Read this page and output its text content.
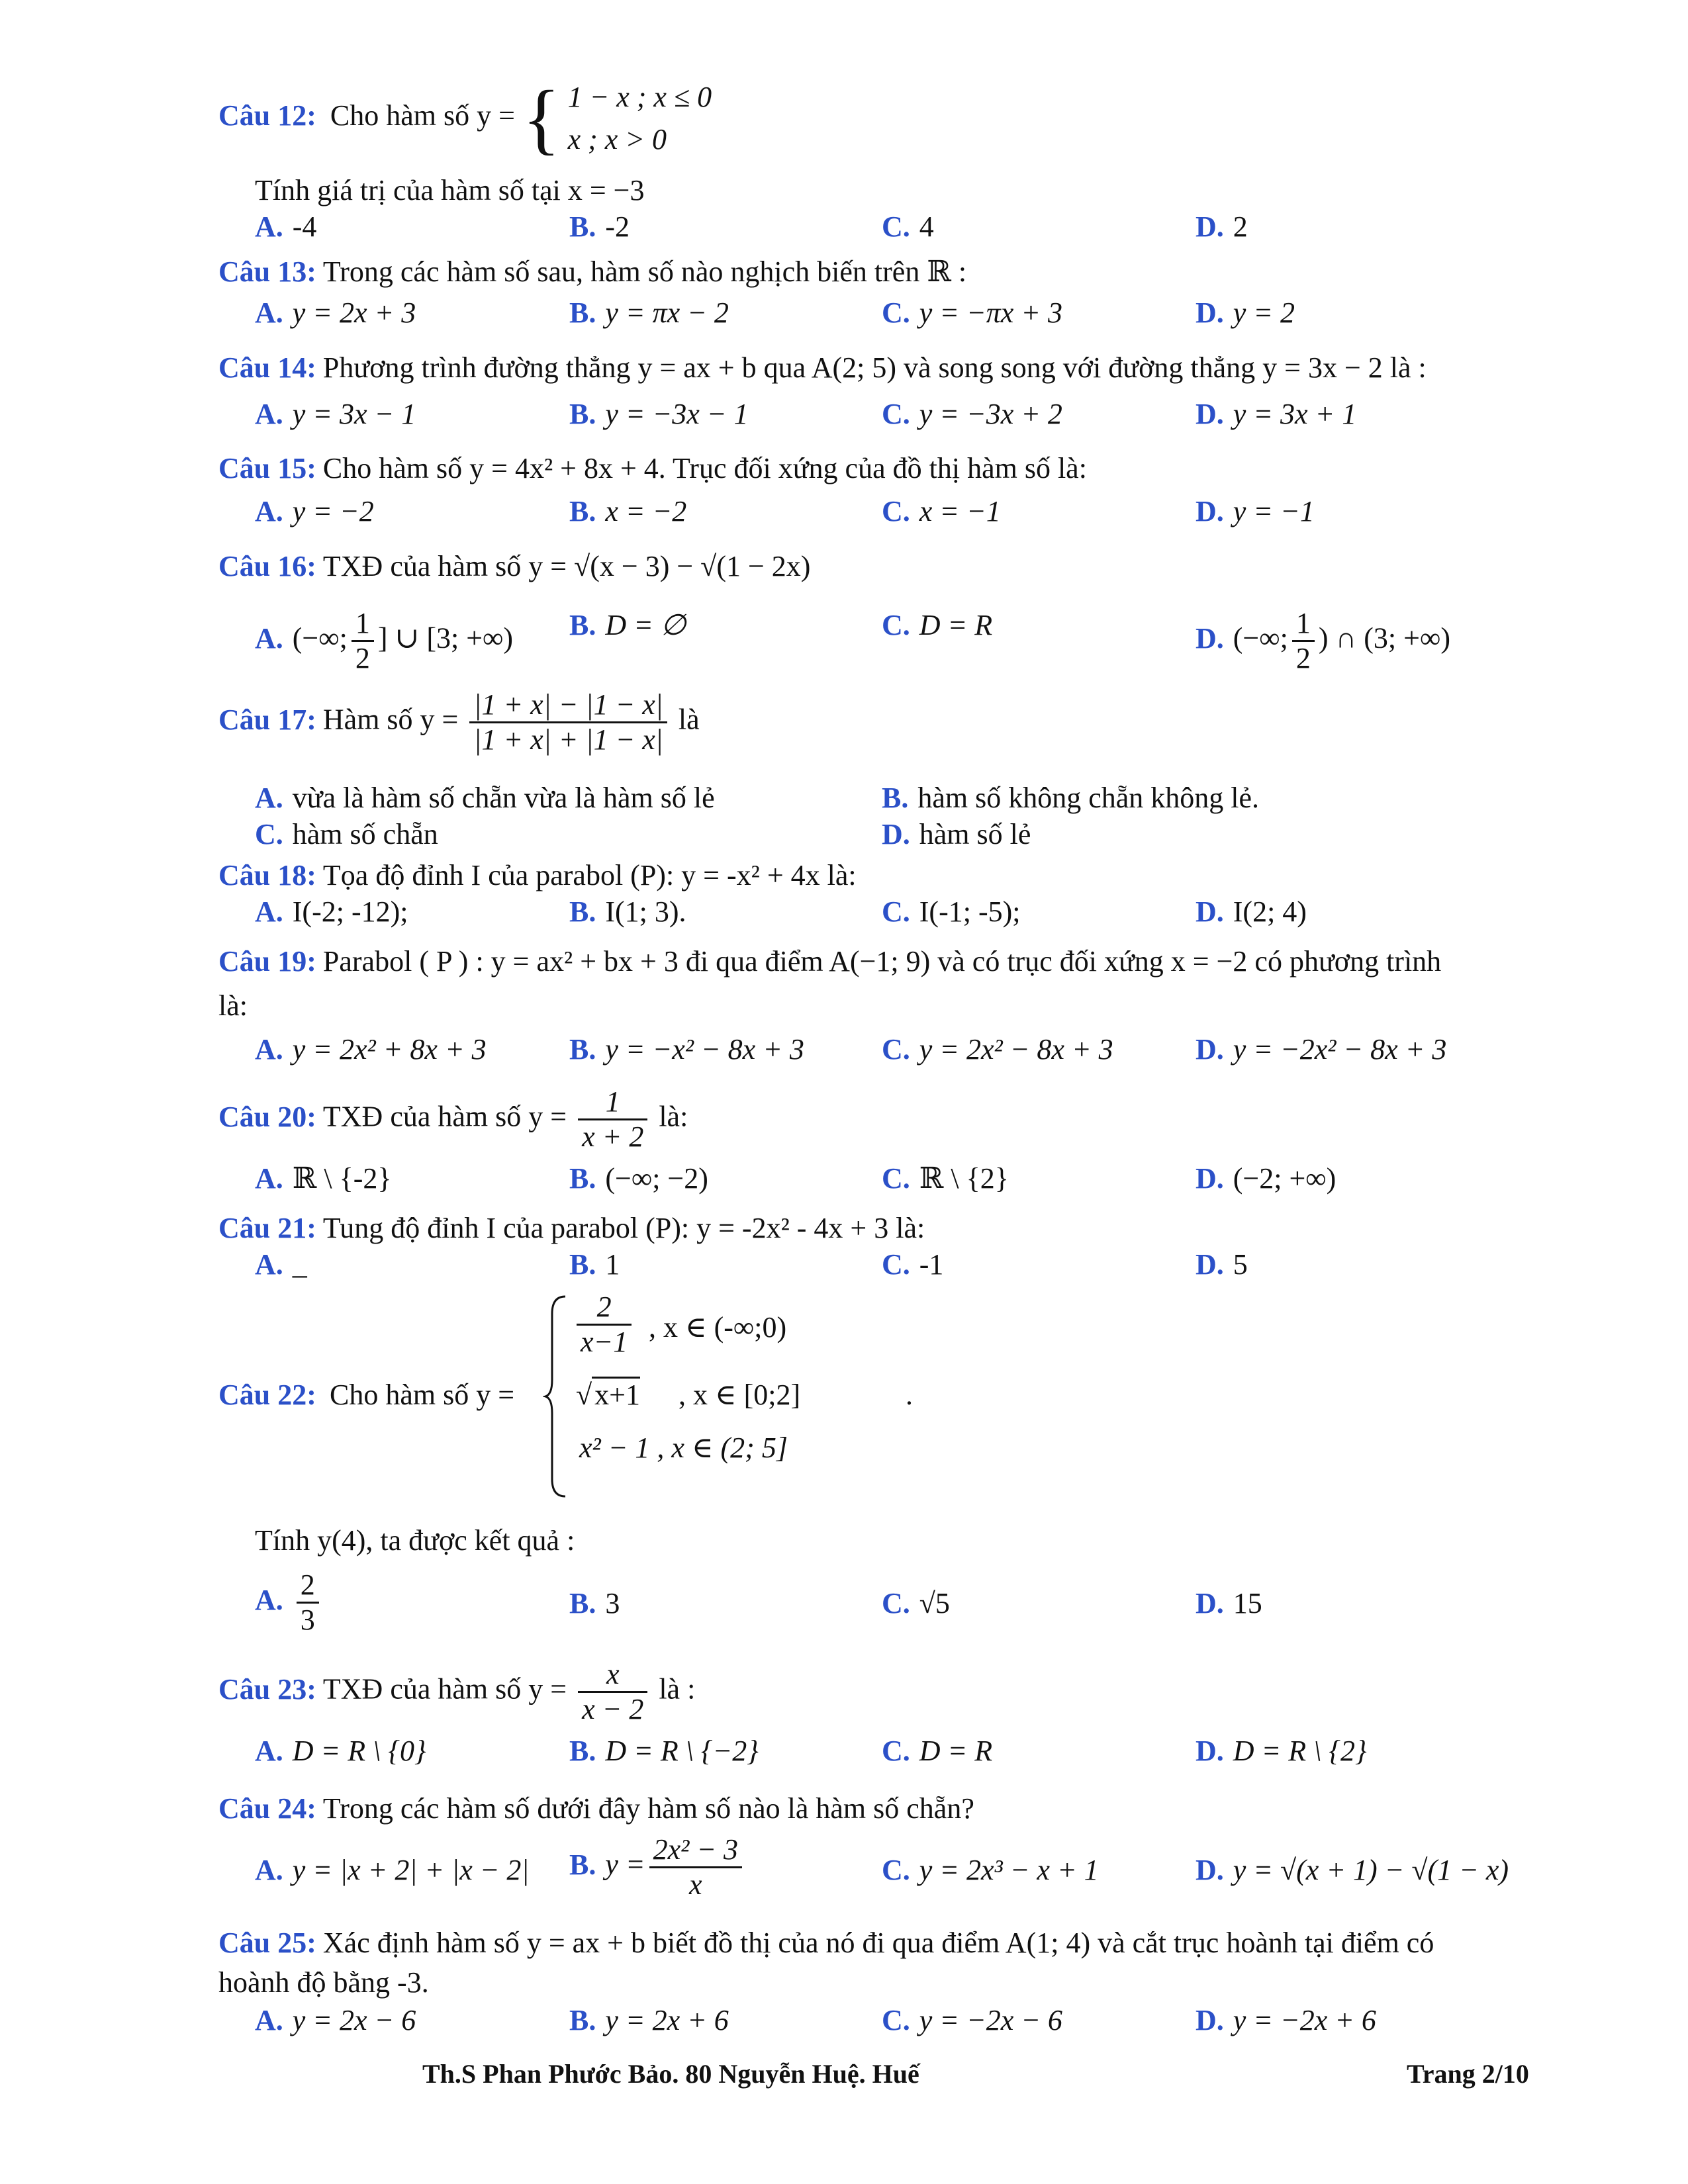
Câu 12: Cho hàm số y = { 1 − x ; x ≤ 0
x ; x > 0
Tính giá trị của hàm số tại x = −3
A. -4	B. -2	C. 4	D. 2
Câu 13: Trong các hàm số sau, hàm số nào nghịch biến trên ℝ :
A. y = 2x + 3	B. y = πx − 2	C. y = −πx + 3	D. y = 2
Câu 14: Phương trình đường thẳng y = ax + b qua A(2; 5) và song song với đường thẳng y = 3x − 2 là :
A. y = 3x − 1	B. y = −3x − 1	C. y = −3x + 2	D. y = 3x + 1
Câu 15: Cho hàm số y = 4x² + 8x + 4. Trục đối xứng của đồ thị hàm số là:
A. y = −2	B. x = −2	C. x = −1	D. y = −1
Câu 16: TXĐ của hàm số y = √(x − 3) − √(1 − 2x)
A. (−∞; $\frac{1}{2}$ ] ∪ [3; +∞) B. D = ∅	C. D = R	D. (−∞; $\frac{1}{2}$ ) ∩ (3; +∞)
Câu 17: Hàm số $y = \frac{|1 + x| - |1 - x|}{|1 + x| + |1 - x|}$ là
A. vừa là hàm số chẵn vừa là hàm số lẻ	B. hàm số không chẵn không lẻ.
C. hàm số chẵn	D. hàm số lẻ
Câu 18: Tọa độ đỉnh I của parabol (P): y = -x² + 4x là:
A. I(-2; -12);	B. I(1; 3).	C. I(-1; -5);	D. I(2; 4)
Câu 19: Parabol ( P ) : y = ax² + bx + 3 đi qua điểm A(−1; 9) và có trục đối xứng x = −2 có phương trình
là:
A. y = 2x² + 8x + 3	B. y = −x² − 8x + 3	C. y = 2x² − 8x + 3	D. y = −2x² − 8x + 3
Câu 20: TXĐ của hàm số $y = \frac{1}{x + 2}$ là:
A. ℝ \ {-2}	B. (−∞; −2)	C. ℝ \ {2}	D. (−2; +∞)
Câu 21: Tung độ đỉnh I của parabol (P): y = -2x² - 4x + 3 là:
A. _	B. 1	C. -1	D. 5
Câu 22: Cho hàm số y =
$\frac{2}{x-1}$ , x ∈ (-∞;0)
√x+1 , x ∈ [0;2]	.
x² − 1 , x ∈ (2; 5]
Tính y(4), ta được kết quả :
A. $\frac{2}{3}$	B. 3	C. √5	D. 15
Câu 23: TXĐ của hàm số $y = \frac{x}{x - 2}$ là :
A. D = R \ {0}	B. D = R \ {−2}	C. D = R	D. D = R \ {2}
Câu 24: Trong các hàm số dưới đây hàm số nào là hàm số chẵn?
A. y = |x + 2| + |x − 2| B. $y = \frac{\text{2x² − 3}}{x}$	C. y = 2x³ − x + 1	D. y = √(x + 1) − √(1 − x)
Câu 25: Xác định hàm số y = ax + b biết đồ thị của nó đi qua điểm A(1; 4) và cắt trục hoành tại điểm có
hoành độ bằng -3.
A. y = 2x − 6	B. y = 2x + 6	C. y = −2x − 6	D. y = −2x + 6
Th.S Phan Phước Bảo. 80 Nguyễn Huệ. Huế	Trang 2/10
